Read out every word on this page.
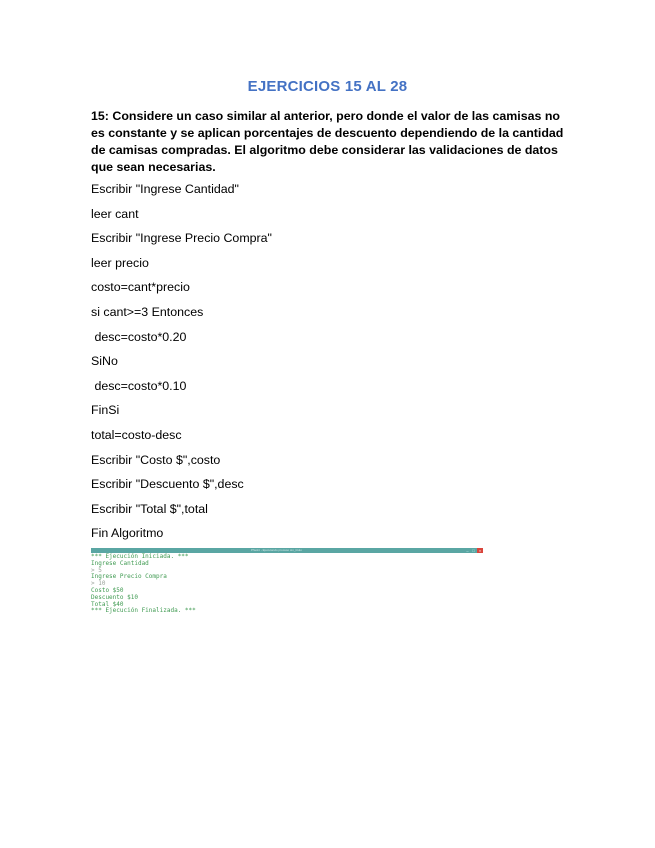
EJERCICIOS 15 AL 28

15: Considere un caso similar al anterior, pero donde el valor de las camisas no es constante y se aplican porcentajes de descuento dependiendo de la cantidad de camisas compradas. El algoritmo debe considerar las validaciones de datos que sean necesarias.

Escribir "Ingrese Cantidad"
leer cant
Escribir "Ingrese Precio Compra"
leer precio
costo=cant*precio
si cant>=3 Entonces
desc=costo*0.20
SiNo
desc=costo*0.10
FinSi
total=costo-desc
Escribir "Costo $",costo
Escribir "Descuento $",desc
Escribir "Total $",total
Fin Algoritmo
PSeInt - Ejecutando proceso sin_titulo	– □	×
*** Ejecución Iniciada. ***
Ingrese Cantidad
> 5
Ingrese Precio Compra
> 10
Costo $50
Descuento $10
Total $40
*** Ejecución Finalizada. ***
